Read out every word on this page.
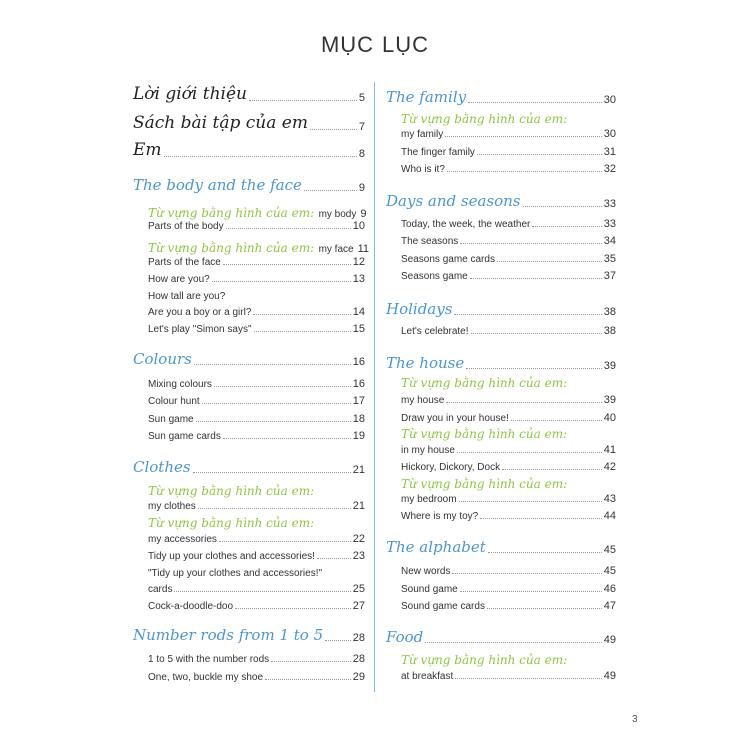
MỤC LỤC
Lời giới thiệu	5
Sách bài tập của em	7
Em	8
The body and the face	9
Từ vựng bằng hình của em:
my body 9
Parts of the body	10
Từ vựng bằng hình của em:
my face 11
Parts of the face	12
How are you?	13
How tall are you?
Are you a boy or a girl?	14
Let's play "Simon says"	15
Colours	16
Mixing colours	16
Colour hunt	17
Sun game	18
Sun game cards	19
Clothes	21
Từ vựng bằng hình của em:
my clothes	21
Từ vựng bằng hình của em:
my accessories	22
Tidy up your clothes and accessories!	23
"Tidy up your clothes and accessories!"
cards	25
Cock-a-doodle-doo	27
Number rods from 1 to 5	28
1 to 5 with the number rods	28
One, two, buckle my shoe	29
The family	30
Từ vựng bằng hình của em:
my family	30
The finger family	31
Who is it?	32
Days and seasons	33
Today, the week, the weather	33
The seasons	34
Seasons game cards	35
Seasons game	37
Holidays	38
Let's celebrate!	38
The house	39
Từ vựng bằng hình của em:
my house	39
Draw you in your house!	40
Từ vựng bằng hình của em:
in my house	41
Hickory, Dickory, Dock	42
Từ vựng bằng hình của em:
my bedroom	43
Where is my toy?	44
The alphabet	45
New words	45
Sound game	46
Sound game cards	47
Food	49
Từ vựng bằng hình của em:
at breakfast	49
3
